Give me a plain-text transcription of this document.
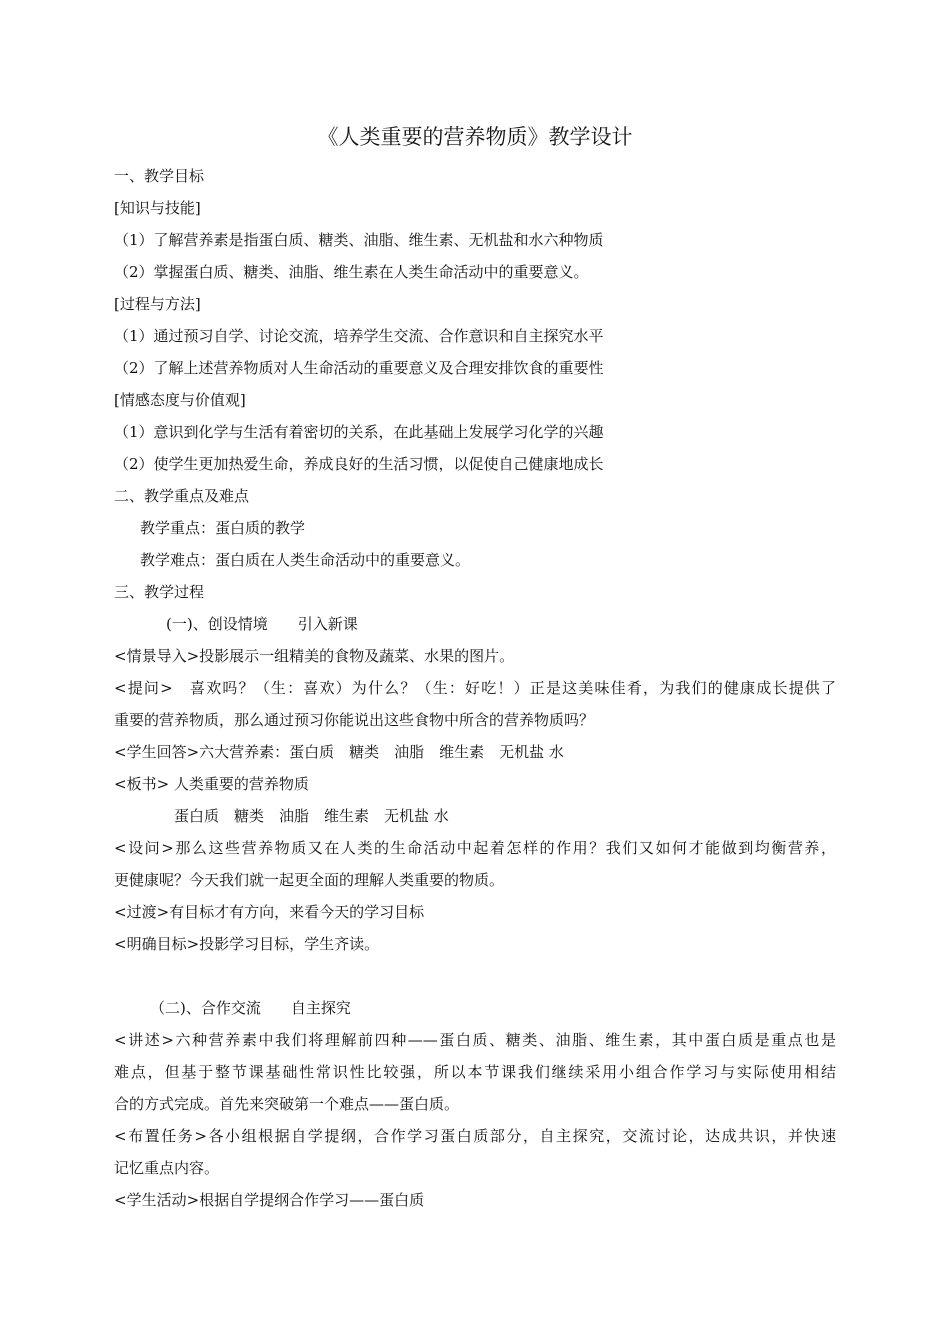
《人类重要的营养物质》教学设计
一、教学目标
[知识与技能]
（1）了解营养素是指蛋白质、糖类、油脂、维生素、无机盐和水六种物质
（2）掌握蛋白质、糖类、油脂、维生素在人类生命活动中的重要意义。
[过程与方法]
（1）通过预习自学、讨论交流，培养学生交流、合作意识和自主探究水平
（2）了解上述营养物质对人生命活动的重要意义及合理安排饮食的重要性
[情感态度与价值观]
（1）意识到化学与生活有着密切的关系，在此基础上发展学习化学的兴趣
（2）使学生更加热爱生命，养成良好的生活习惯，以促使自己健康地成长
二、教学重点及难点
教学重点：蛋白质的教学
教学难点：蛋白质在人类生命活动中的重要意义。
三、教学过程
(一)、创设情境　　引入新课
<情景导入>投影展示一组精美的食物及蔬菜、水果的图片。
<提问>　喜欢吗？（生：喜欢）为什么？（生：好吃！）正是这美味佳肴，为我们的健康成长提供了
重要的营养物质，那么通过预习你能说出这些食物中所含的营养物质吗？
<学生回答>六大营养素：蛋白质　糖类　油脂　维生素　无机盐 水
<板书> 人类重要的营养物质
蛋白质　糖类　油脂　维生素　无机盐 水
<设问>那么这些营养物质又在人类的生命活动中起着怎样的作用？我们又如何才能做到均衡营养，
更健康呢？今天我们就一起更全面的理解人类重要的物质。
<过渡>有目标才有方向，来看今天的学习目标
<明确目标>投影学习目标，学生齐读。
（二)、合作交流　　自主探究
<讲述>六种营养素中我们将理解前四种——蛋白质、糖类、油脂、维生素，其中蛋白质是重点也是
难点，但基于整节课基础性常识性比较强，所以本节课我们继续采用小组合作学习与实际使用相结
合的方式完成。首先来突破第一个难点——蛋白质。
<布置任务>各小组根据自学提纲，合作学习蛋白质部分，自主探究，交流讨论，达成共识，并快速
记忆重点内容。
<学生活动>根据自学提纲合作学习——蛋白质
